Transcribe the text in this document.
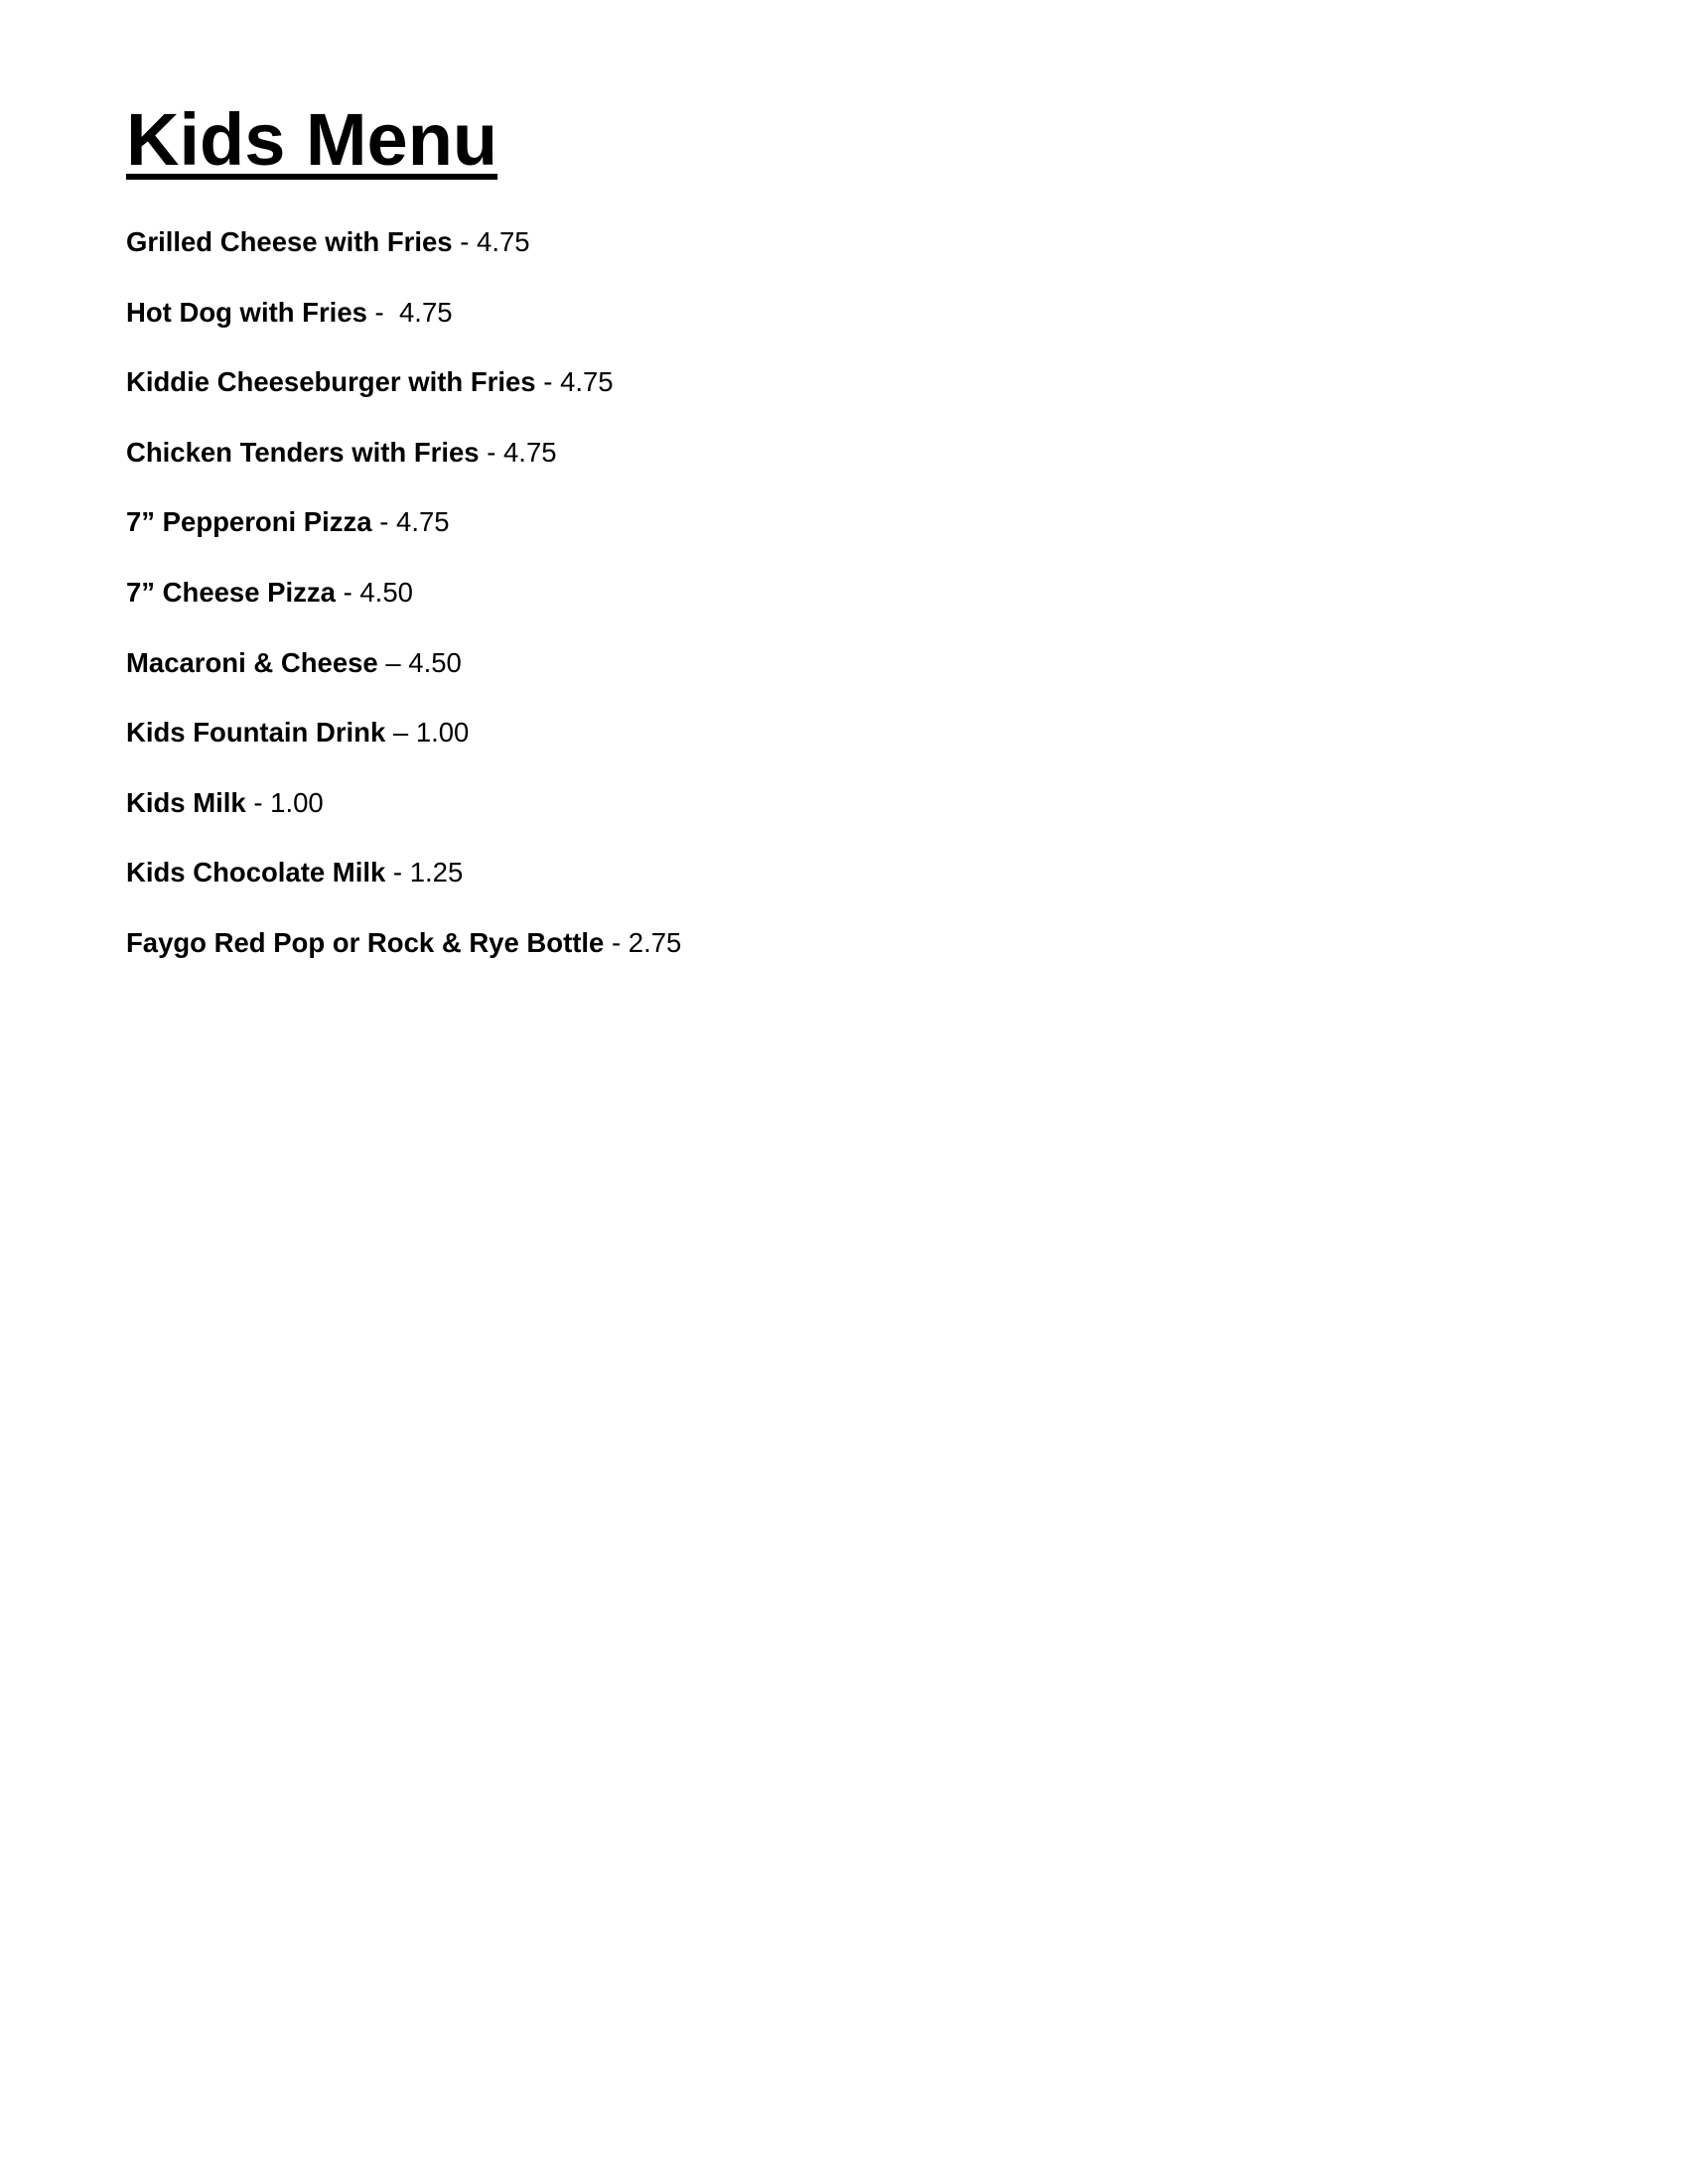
Kids Menu
Grilled Cheese with Fries - 4.75
Hot Dog with Fries -  4.75
Kiddie Cheeseburger with Fries - 4.75
Chicken Tenders with Fries - 4.75
7” Pepperoni Pizza - 4.75
7” Cheese Pizza - 4.50
Macaroni & Cheese – 4.50
Kids Fountain Drink – 1.00
Kids Milk - 1.00
Kids Chocolate Milk - 1.25
Faygo Red Pop or Rock & Rye Bottle - 2.75
